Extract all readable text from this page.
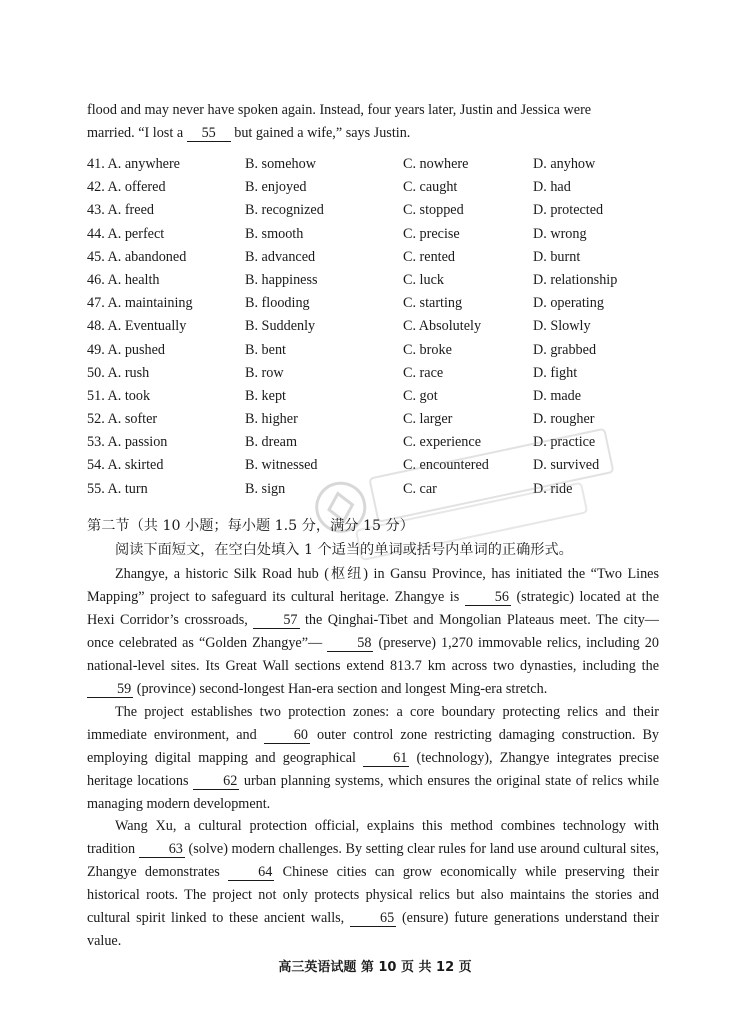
flood and may never have spoken again. Instead, four years later, Justin and Jessica were
married. “I lost a 55 but gained a wife,” says Justin.
41. A. anywhere	B. somehow	C. nowhere	D. anyhow
42. A. offered	B. enjoyed	C. caught	D. had
43. A. freed	B. recognized	C. stopped	D. protected
44. A. perfect	B. smooth	C. precise	D. wrong
45. A. abandoned	B. advanced	C. rented	D. burnt
46. A. health	B. happiness	C. luck	D. relationship
47. A. maintaining	B. flooding	C. starting	D. operating
48. A. Eventually	B. Suddenly	C. Absolutely	D. Slowly
49. A. pushed	B. bent	C. broke	D. grabbed
50. A. rush	B. row	C. race	D. fight
51. A. took	B. kept	C. got	D. made
52. A. softer	B. higher	C. larger	D. rougher
53. A. passion	B. dream	C. experience	D. practice
54. A. skirted	B. witnessed	C. encountered	D. survived
55. A. turn	B. sign	C. car	D. ride
第二节（共 10 小题；每小题 1.5 分，满分 15 分）
阅读下面短文，在空白处填入 1 个适当的单词或括号内单词的正确形式。
Zhangye, a historic Silk Road hub (枢纽) in Gansu Province, has initiated the “Two Lines Mapping” project to safeguard its cultural heritage. Zhangye is	56 (strategic) located at the Hexi Corridor’s crossroads, 57 the Qinghai-Tibet and Mongolian Plateaus meet. The city—once celebrated as “Golden Zhangye”— 58 (preserve) 1,270 immovable relics, including 20 national-level sites. Its Great Wall sections extend 813.7 km across two dynasties, including the 59 (province) second-longest Han-era section and longest Ming-era stretch.
The project establishes two protection zones: a core boundary protecting relics and their immediate environment, and	60 outer control zone restricting damaging construction. By employing digital mapping and geographical	61 (technology), Zhangye integrates precise heritage locations 62 urban planning systems, which ensures the original state of relics while managing modern development.
Wang Xu, a cultural protection official, explains this method combines technology with tradition 63 (solve) modern challenges. By setting clear rules for land use around cultural sites, Zhangye demonstrates	64 Chinese cities can grow economically while preserving their historical roots. The project not only protects physical relics but also maintains the stories and cultural spirit linked to these ancient walls,	65 (ensure) future generations understand their value.
高三英语试题 第 10 页 共 12 页
